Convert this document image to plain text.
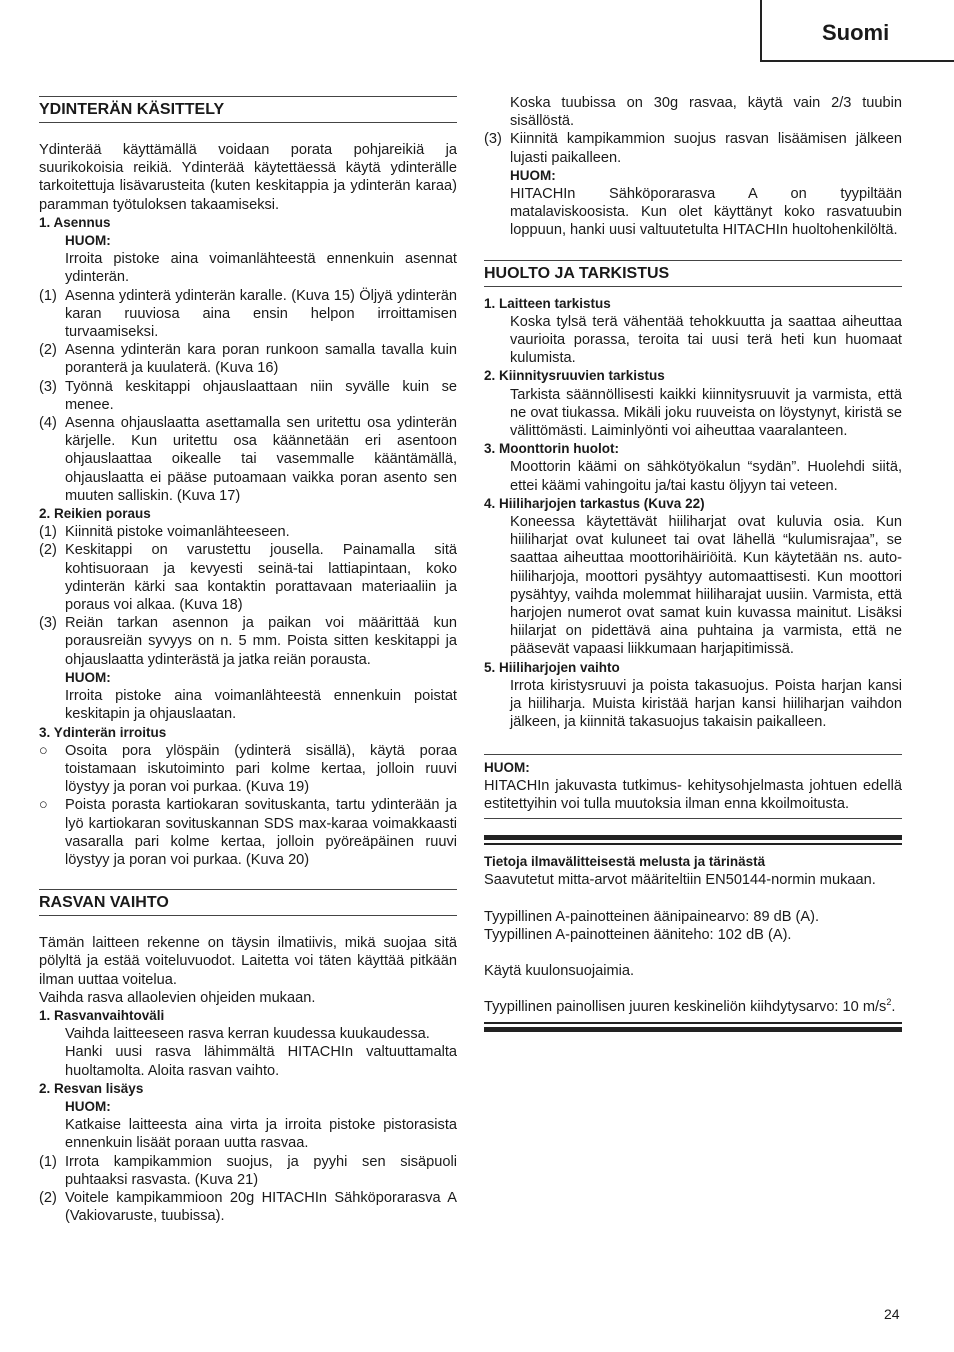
Suomi
YDINTERÄN KÄSITTELY
Ydinterää käyttämällä voidaan porata pohjareikiä ja suurikokoisia reikiä. Ydinterää käytettäessä käytä ydinterälle tarkoitettuja lisävarusteita (kuten keskitappia ja ydinterän karaa) paramman työtuloksen takaamiseksi.
1. Asennus
HUOM:
Irroita pistoke aina voimanlähteestä ennenkuin asennat ydinterän.
(1) Asenna ydinterä ydinterän karalle. (Kuva 15) Öljyä ydinterän karan ruuviosa aina ensin helpon irroittamisen turvaamiseksi.
(2) Asenna ydinterän kara poran runkoon samalla tavalla kuin poranterä ja kuulaterä. (Kuva 16)
(3) Työnnä keskitappi ohjauslaattaan niin syvälle kuin se menee.
(4) Asenna ohjauslaatta asettamalla sen uritettu osa ydinterän kärjelle. Kun uritettu osa käännetään eri asentoon ohjauslaattaa oikealle tai vasemmalle kääntämällä, ohjauslaatta ei pääse putoamaan vaikka poran asento sen muuten salliskin. (Kuva 17)
2. Reikien poraus
(1) Kiinnitä pistoke voimanlähteeseen.
(2) Keskitappi on varustettu jousella. Painamalla sitä kohtisuoraan ja kevyesti seinä-tai lattiapintaan, koko ydinterän kärki saa kontaktin porattavaan materiaaliin ja poraus voi alkaa. (Kuva 18)
(3) Reiän tarkan asennon ja paikan voi määrittää kun porausreiän syvyys on n. 5 mm. Poista sitten keskitappi ja ohjauslaatta ydinterästä ja jatka reiän porausta.
HUOM:
Irroita pistoke aina voimanlähteestä ennenkuin poistat keskitapin ja ohjauslaatan.
3. Ydinterän irroitus
○	Osoita pora ylöspäin (ydinterä sisällä), käytä poraa toistamaan iskutoiminto pari kolme kertaa, jolloin ruuvi löystyy ja poran voi purkaa. (Kuva 19)
○	Poista porasta kartiokaran sovituskanta, tartu ydinterään ja lyö kartiokaran sovituskannan SDS max-karaa voimakkaasti vasaralla pari kolme kertaa, jolloin pyöreäpäinen ruuvi löystyy ja poran voi purkaa. (Kuva 20)
RASVAN VAIHTO
Tämän laitteen rekenne on täysin ilmatiivis, mikä suojaa sitä pölyltä ja estää voiteluvuodot. Laitetta voi täten käyttää pitkään ilman uuttaa voitelua.
Vaihda rasva allaolevien ohjeiden mukaan.
1. Rasvanvaihtoväli
Vaihda laitteeseen rasva kerran kuudessa kuukaudessa.
Hanki uusi rasva lähimmältä HITACHIn valtuuttamalta huoltamolta. Aloita rasvan vaihto.
2. Resvan lisäys
HUOM:
Katkaise laitteesta aina virta ja irroita pistoke pistorasista ennenkuin lisäät poraan uutta rasvaa.
(1) Irrota kampikammion suojus, ja pyyhi sen sisäpuoli puhtaaksi rasvasta. (Kuva 21)
(2) Voitele kampikammioon 20g HITACHIn Sähköporarasva A (Vakiovaruste, tuubissa).
Koska tuubissa on 30g rasvaa, käytä vain 2/3 tuubin sisällöstä.
(3) Kiinnitä kampikammion suojus rasvan lisäämisen jälkeen lujasti paikalleen.
HUOM:
HITACHIn Sähköporarasva A on tyypiltään matalaviskoosista. Kun olet käyttänyt koko rasvatuubin loppuun, hanki uusi valtuutetulta HITACHIn huoltohenkilöltä.
HUOLTO JA TARKISTUS
1. Laitteen tarkistus
Koska tylsä terä vähentää tehokkuutta ja saattaa aiheuttaa vaurioita porassa, teroita tai uusi terä heti kun huomaat kulumista.
2. Kiinnitysruuvien tarkistus
Tarkista säännöllisesti kaikki kiinnitysruuvit ja varmista, että ne ovat tiukassa. Mikäli joku ruuveista on löystynyt, kiristä se välittömästi. Laiminlyönti voi aiheuttaa vaaralanteen.
3. Moonttorin huolot:
Moottorin käämi on sähkötyökalun “sydän”. Huolehdi siitä, ettei käämi vahingoitu ja/tai kastu öljyyn tai veteen.
4. Hiiliharjojen tarkastus (Kuva 22)
Koneessa käytettävät hiiliharjat ovat kuluvia osia. Kun hiiliharjat ovat kuluneet tai ovat lähellä “kulumisrajaa”, se saattaa aiheuttaa moottorihäiriöitä. Kun käytetään ns. auto-hiiliharjoja, moottori pysähtyy automaattisesti. Kun moottori pysähtyy, vaihda molemmat hiiliharajat uusiin. Varmista, että harjojen numerot ovat samat kuin kuvassa mainitut. Lisäksi hiilarjat on pidettävä aina puhtaina ja varmista, että ne pääsevät vapaasi liikkumaan harjapitimissä.
5. Hiiliharjojen vaihto
Irrota kiristysruuvi ja poista takasuojus. Poista harjan kansi ja hiiliharja. Muista kiristää harjan kansi hiiliharjan vaihdon jälkeen, ja kiinnitä takasuojus takaisin paikalleen.
HUOM:
HITACHIn jakuvasta tutkimus- kehitysohjelmasta johtuen edellä estitettyihin voi tulla muutoksia ilman enna kkoilmoitusta.
Tietoja ilmavälitteisestä melusta ja tärinästä
Saavutetut mitta-arvot määriteltiin EN50144-normin mukaan.
Tyypillinen A-painotteinen äänipainearvo: 89 dB (A).
Tyypillinen A-painotteinen ääniteho: 102 dB (A).
Käytä kuulonsuojaimia.
Tyypillinen painollisen juuren keskineliön kiihdytysarvo: 10 $m/s^2$.
24
